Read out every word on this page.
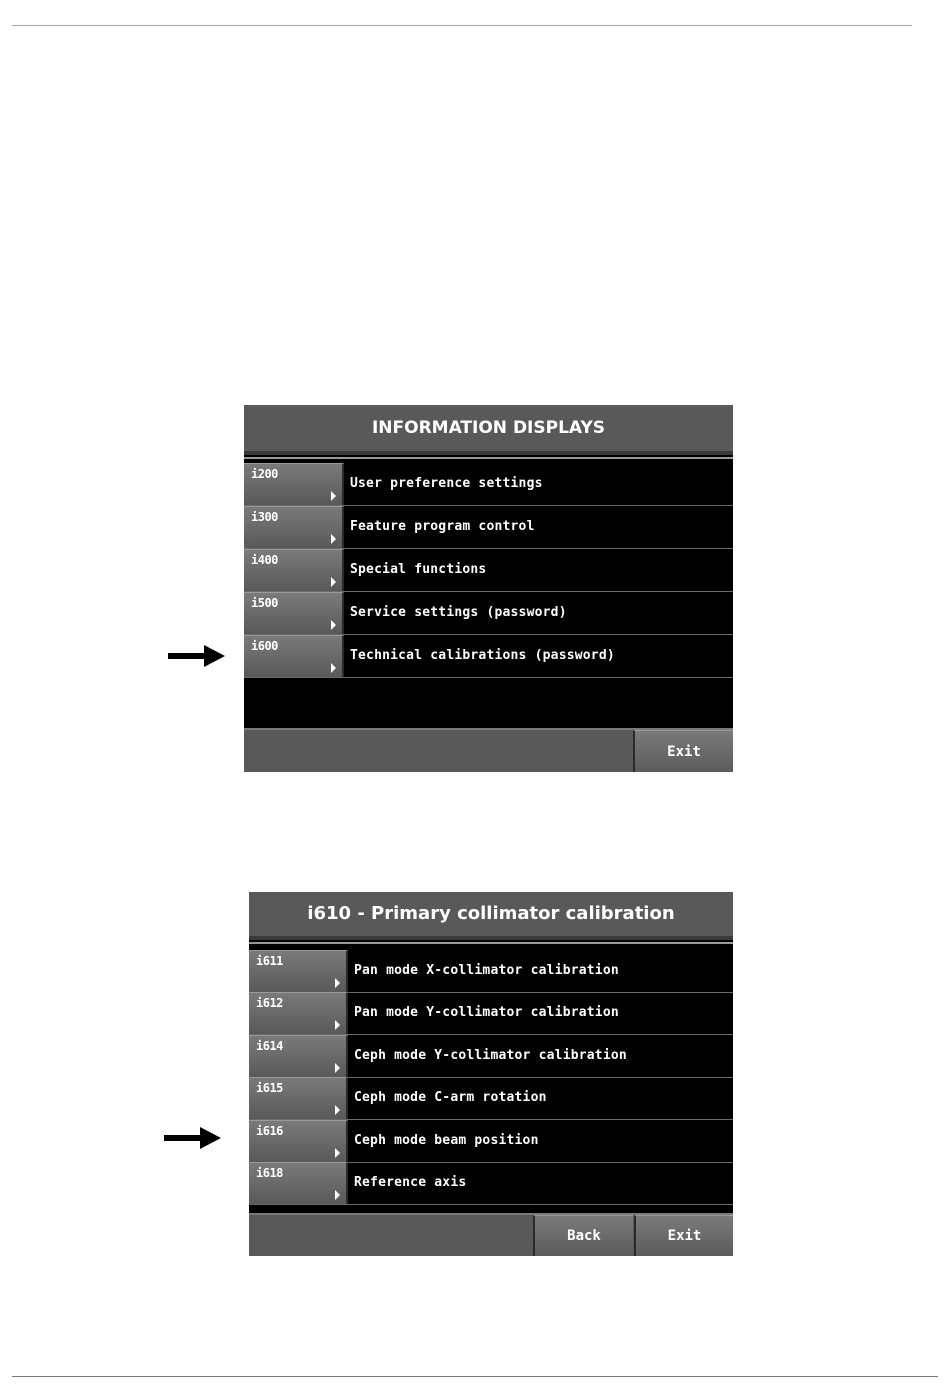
INFORMATION DISPLAYS
i200
User preference settings
i300
Feature program control
i400
Special functions
i500
Service settings (password)
i600
Technical calibrations (password)
Exit
i610 - Primary collimator calibration
i611
Pan mode X-collimator calibration
i612
Pan mode Y-collimator calibration
i614
Ceph mode Y-collimator calibration
i615
Ceph mode C-arm rotation
i616
Ceph mode beam position
i618
Reference axis
Back	Exit
